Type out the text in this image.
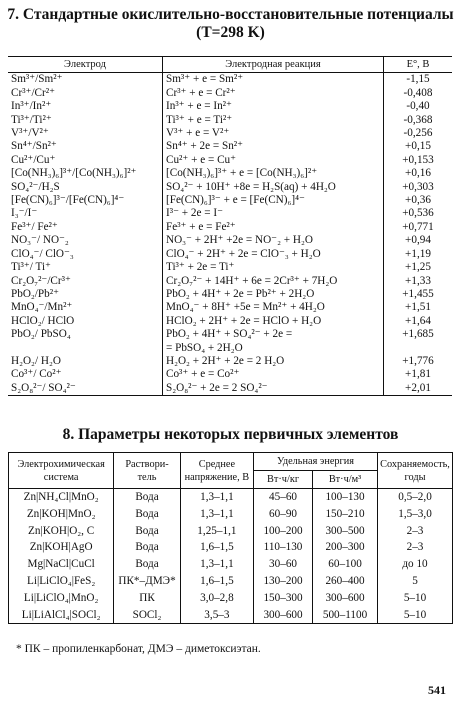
7. Стандартные окислительно-восстановительные потенциалы
(T=298 K)
Электрод	Электродная реакция	E°, B
Sm³⁺/Sm²⁺	Sm³⁺ + e = Sm²⁺	-1,15
Cr³⁺/Cr²⁺	Cr³⁺ + e = Cr²⁺	-0,408
In³⁺/In²⁺	In³⁺ + e = In²⁺	-0,40
Ti³⁺/Ti²⁺	Ti³⁺ + e = Ti²⁺	-0,368
V³⁺/V²⁺	V³⁺ + e = V²⁺	-0,256
Sn⁴⁺/Sn²⁺	Sn⁴⁺ + 2e = Sn²⁺	+0,15
Cu²⁺/Cu⁺	Cu²⁺ + e = Cu⁺	+0,153
[Co(NH₃)₆]³⁺/[Co(NH₃)₆]²⁺	[Co(NH₃)₆]³⁺ + e = [Co(NH₃)₆]²⁺	+0,16
SO₄²⁻/H₂S	SO₄²⁻ + 10H⁺ +8e = H₂S(aq) + 4H₂O	+0,303
[Fe(CN)₆]³⁻/[Fe(CN)₆]⁴⁻	[Fe(CN)₆]³⁻ + e = [Fe(CN)₆]⁴⁻	+0,36
I₃⁻/I⁻	I³⁻ + 2e = I⁻	+0,536
Fe³⁺/ Fe²⁺	Fe³⁺ + e = Fe²⁺	+0,771
NO₃⁻/ NO⁻₂	NO₃⁻ + 2H⁺ +2e = NO⁻₂ + H₂O	+0,94
ClO₄⁻/ ClO⁻₃	ClO₄⁻ + 2H⁺ + 2e = ClO⁻₃ + H₂O	+1,19
Ti³⁺/ Ti⁺	Ti³⁺ + 2e = Ti⁺	+1,25
Cr₂O₇²⁻/Cr³⁺	Cr₂O₇²⁻ + 14H⁺ + 6e = 2Cr³⁺ + 7H₂O	+1,33
PbO₂/Pb²⁺	PbO₂ + 4H⁺ + 2e = Pb²⁺ + 2H₂O	+1,455
MnO₄⁻/Mn²⁺	MnO₄⁻ + 8H⁺ +5e = Mn²⁺ + 4H₂O	+1,51
HClO₂/ HClO	HClO₂ + 2H⁺ + 2e = HClO + H₂O	+1,64
PbO₂/ PbSO₄	PbO₂ + 4H⁺ + SO₄²⁻ + 2e =	+1,685
	= PbSO₄ + 2H₂O	
H₂O₂/ H₂O	H₂O₂ + 2H⁺ + 2e = 2 H₂O	+1,776
Co³⁺/ Co²⁺	Co³⁺ + e = Co²⁺	+1,81
S₂O₈²⁻/ SO₄²⁻	S₂O₈²⁻ + 2e = 2 SO₄²⁻	+2,01
8. Параметры некоторых первичных элементов
Электрохимическая система	Раствори-тель	Среднее напряжение, В	Удельная энергия		Сохраняемость, годы
			Вт·ч/кг	Вт·ч/м³	
Zn|NH₄Cl|MnO₂	Вода	1,3–1,1	45–60	100–130	0,5–2,0
Zn|KOH|MnO₂	Вода	1,3–1,1	60–90	150–210	1,5–3,0
Zn|KOH|O₂, C	Вода	1,25–1,1	100–200	300–500	2–3
Zn|KOH|AgO	Вода	1,6–1,5	110–130	200–300	2–3
Mg|NaCl|CuCl	Вода	1,3–1,1	30–60	60–100	до 10
Li|LiClO₄|FeS₂	ПК*–ДМЭ*	1,6–1,5	130–200	260–400	5
Li|LiClO₄|MnO₂	ПК	3,0–2,8	150–300	300–600	5–10
Li|LiAlCl₄|SOCl₂	SOCl₂	3,5–3	300–600	500–1100	5–10
* ПК – пропиленкарбонат, ДМЭ – диметоксиэтан.
541
